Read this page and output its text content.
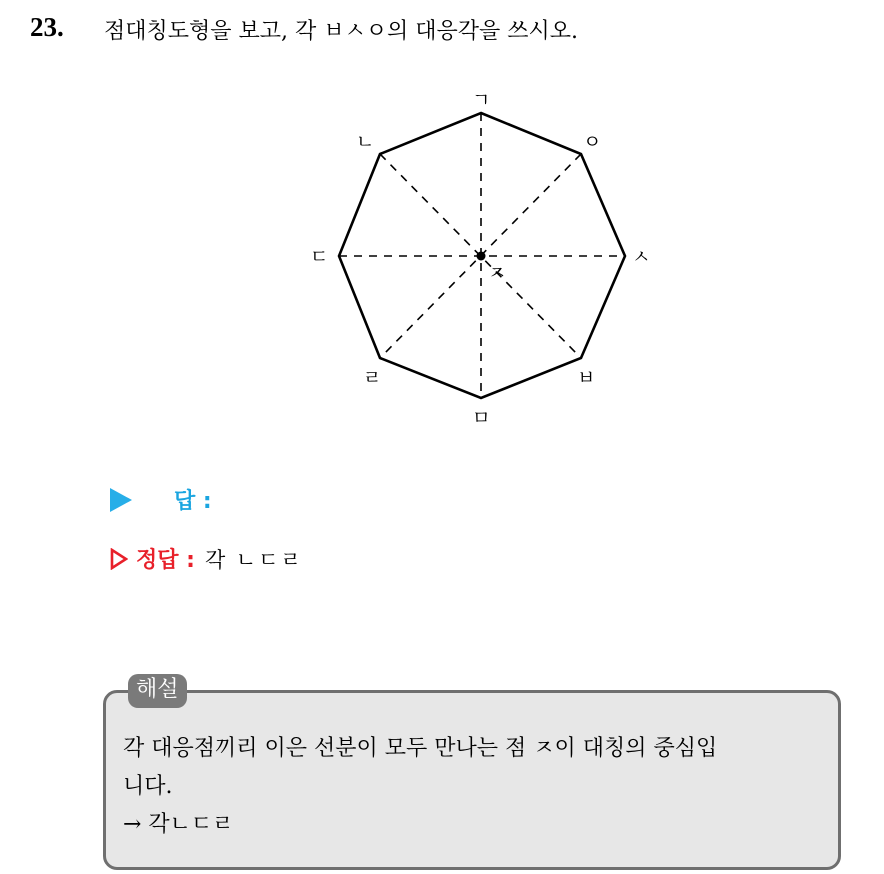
23. 점대칭도형을 보고, 각 ㅂㅅㅇ의 대응각을 쓰시오.
ㄱ
ㄴ	ㅇ
ㄷ	ㅅ
ㅈ
ㄹ	ㅂ
ㅁ
답 :
정답 : 각 ㄴㄷㄹ
해설

각 대응점끼리 이은 선분이 모두 만나는 점 ㅈ이 대칭의 중심입

니다.

→ 각ㄴㄷㄹ
